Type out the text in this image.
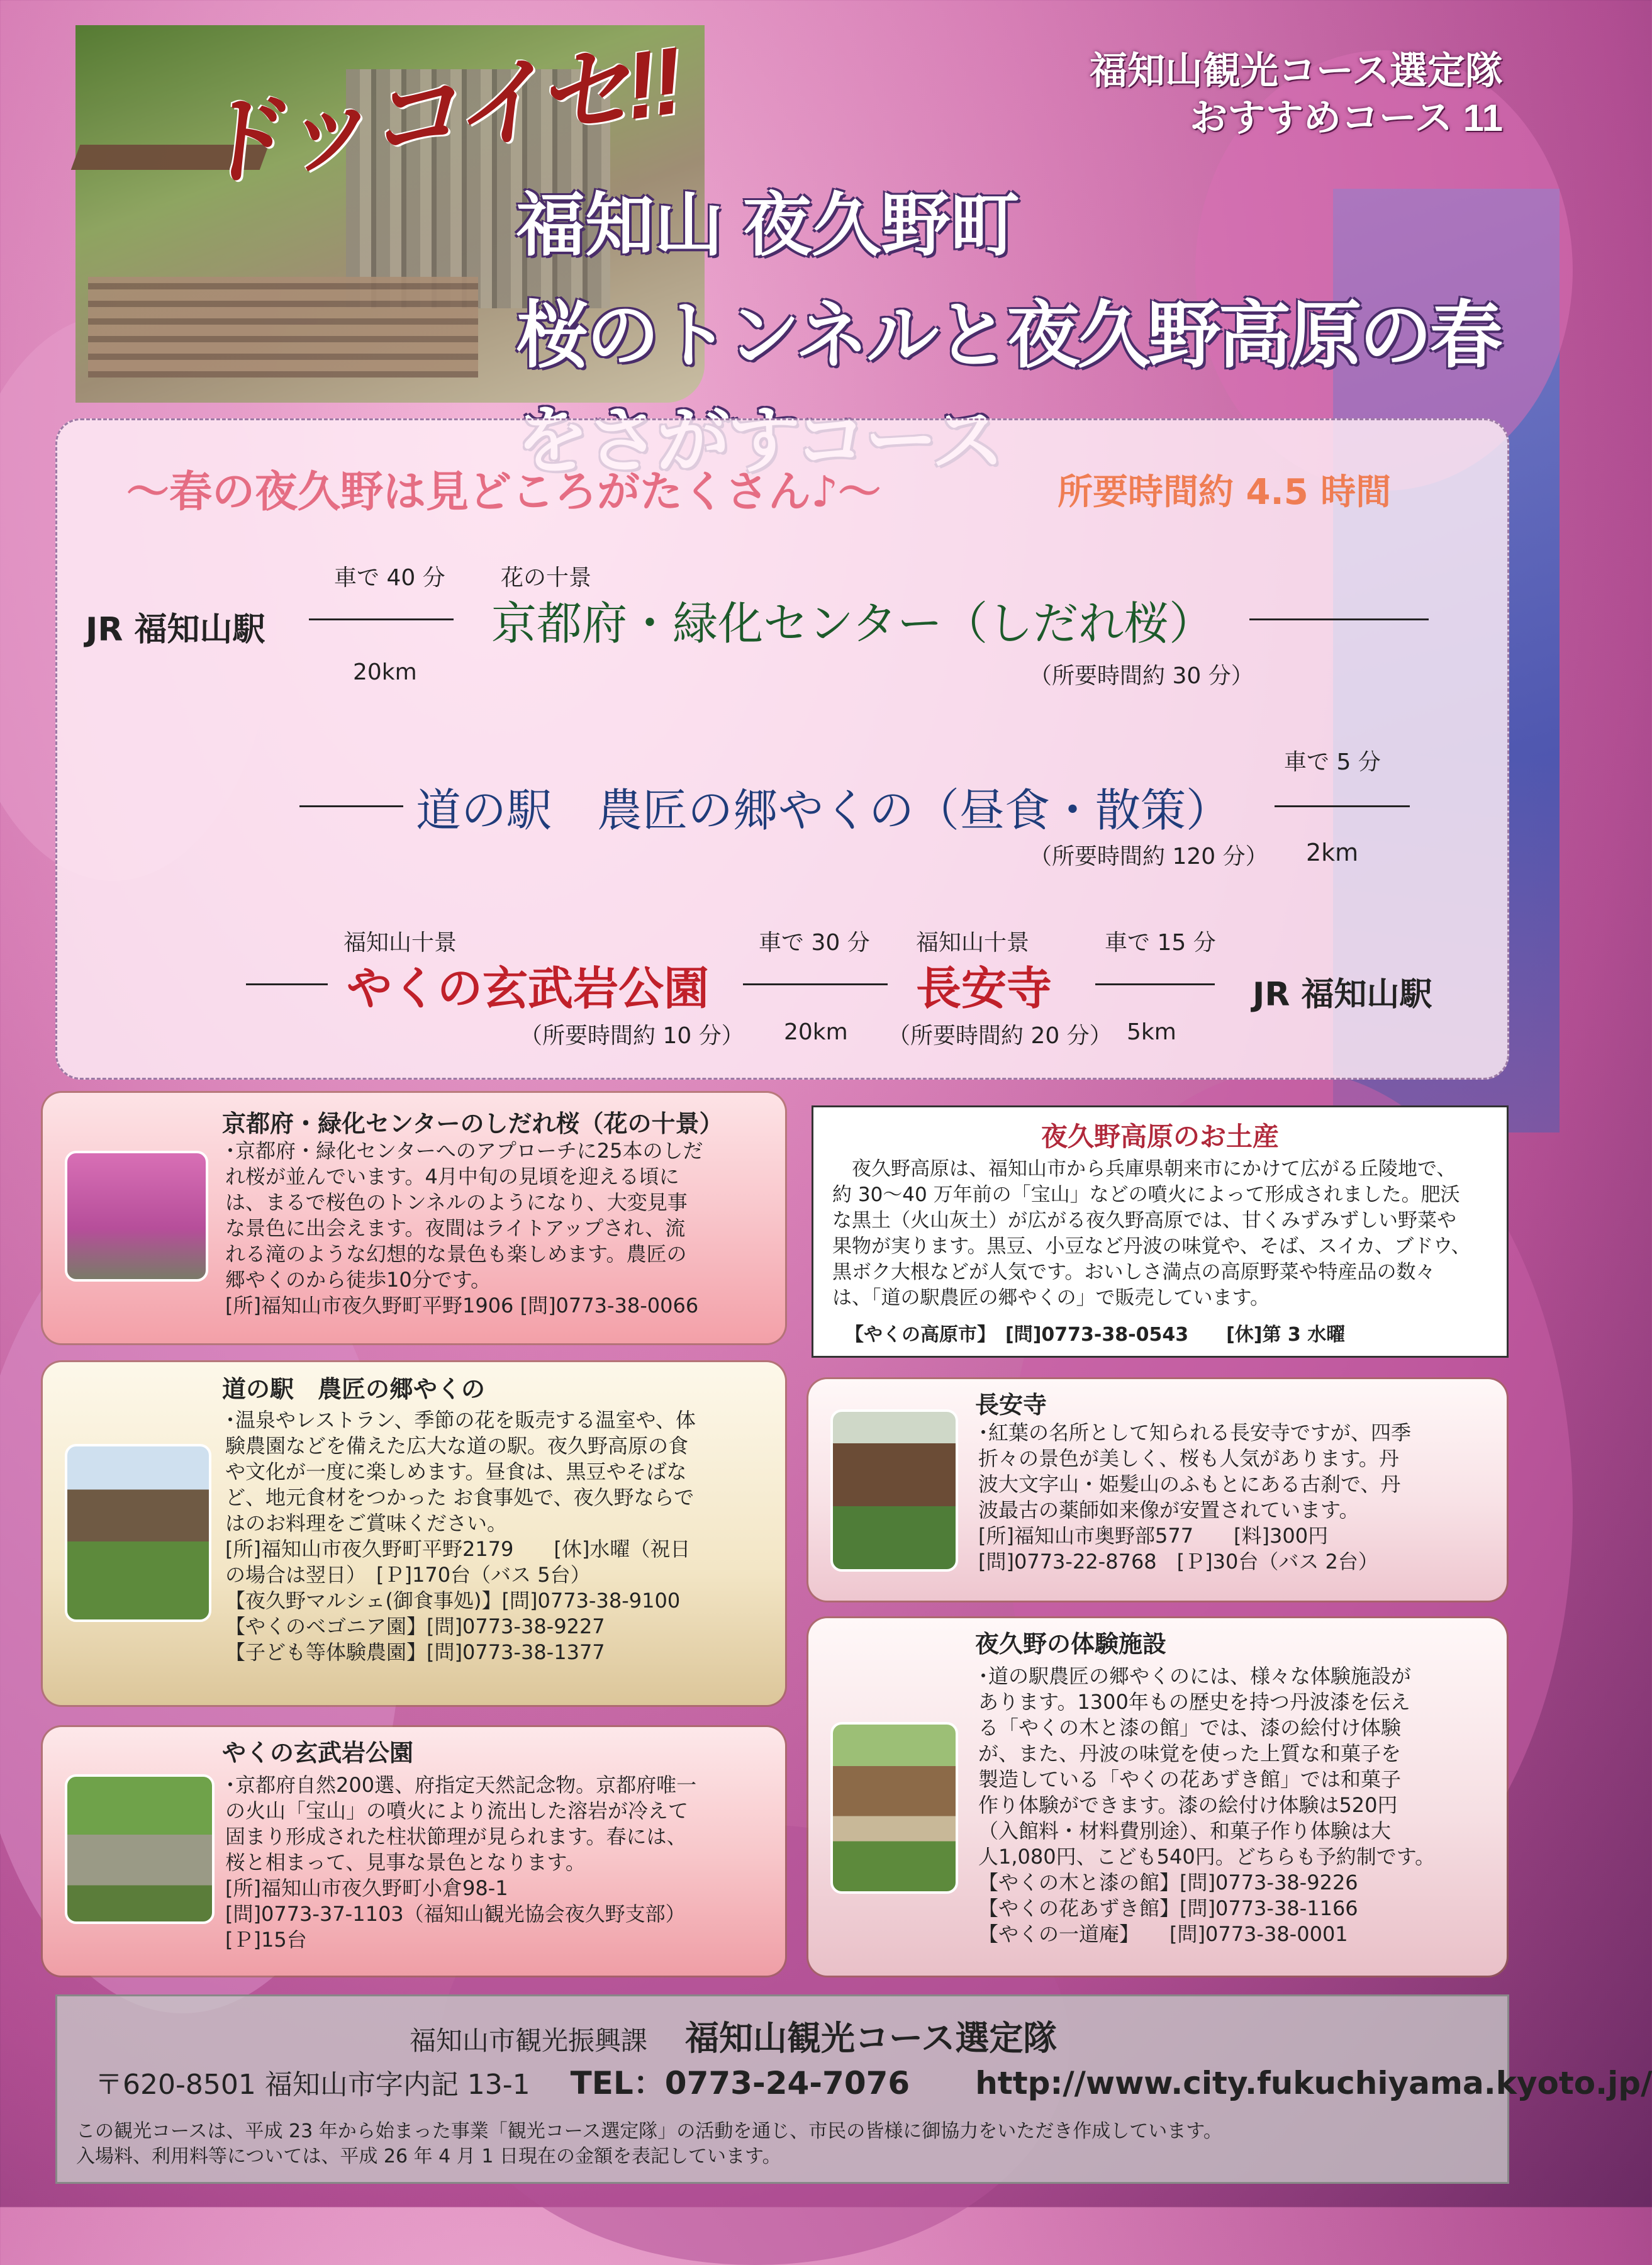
ドッコイセ!!	福知山観光コース選定隊
おすすめコース 11
福知山 夜久野町
桜のトンネルと夜久野高原の春
～春の夜久野は見どころがたくさん♪～	所要時間約 4.5 時間
JR 福知山駅
車で 40 分
20km
花の十景
京都府・緑化センター（しだれ桜）
（所要時間約 30 分）
道の駅　農匠の郷やくの（昼食・散策）
（所要時間約 120 分）
車で 5 分
2km
福知山十景
やくの玄武岩公園
（所要時間約 10 分）
車で 30 分
20km
福知山十景
長安寺
（所要時間約 20 分）
車で 15 分
5km
JR 福知山駅
京都府・緑化センターのしだれ桜（花の十景）
･京都府・緑化センターへのアプローチに25本のしだ
れ桜が並んでいます。4月中旬の見頃を迎える頃に
は、まるで桜色のトンネルのようになり、大変見事
な景色に出会えます。夜間はライトアップされ、流
れる滝のような幻想的な景色も楽しめます。農匠の
郷やくのから徒歩10分です。
[所]福知山市夜久野町平野1906 [問]0773-38-0066
道の駅　農匠の郷やくの
･温泉やレストラン、季節の花を販売する温室や、体
験農園などを備えた広大な道の駅。夜久野高原の食
や文化が一度に楽しめます。昼食は、黒豆やそばな
ど、地元食材をつかった お食事処で、夜久野ならで
はのお料理をご賞味ください。
[所]福知山市夜久野町平野2179　　[休]水曜（祝日
の場合は翌日）　[Ｐ]170台（バス 5台）
【夜久野マルシェ(御食事処)】[問]0773-38-9100
【やくのベゴニア園】[問]0773-38-9227
【子ども等体験農園】[問]0773-38-1377
やくの玄武岩公園
･京都府自然200選、府指定天然記念物。京都府唯一
の火山「宝山」の噴火により流出した溶岩が冷えて
固まり形成された柱状節理が見られます。春には、
桜と相まって、見事な景色となります。
[所]福知山市夜久野町小倉98-1
[問]0773-37-1103（福知山観光協会夜久野支部）
[Ｐ]15台
夜久野高原のお土産
　夜久野高原は、福知山市から兵庫県朝来市にかけて広がる丘陵地で、
約 30～40 万年前の「宝山」などの噴火によって形成されました。肥沃
な黒土（火山灰土）が広がる夜久野高原では、甘くみずみずしい野菜や
果物が実ります。黒豆、小豆など丹波の味覚や、そば、スイカ、ブドウ、
黒ボク大根などが人気です。おいしさ満点の高原野菜や特産品の数々
は、「道の駅農匠の郷やくの」で販売しています。
【やくの高原市】　[問]0773-38-0543　　[休]第 3 水曜
長安寺
･紅葉の名所として知られる長安寺ですが、四季
折々の景色が美しく、桜も人気があります。丹
波大文字山・姫髪山のふもとにある古刹で、丹
波最古の薬師如来像が安置されています。
[所]福知山市奥野部577　　[料]300円
[問]0773-22-8768　[Ｐ]30台（バス 2台）
夜久野の体験施設
･道の駅農匠の郷やくのには、様々な体験施設が
あります。1300年もの歴史を持つ丹波漆を伝え
る「やくの木と漆の館」では、漆の絵付け体験
が、また、丹波の味覚を使った上質な和菓子を
製造している「やくの花あずき館」では和菓子
作り体験ができます。漆の絵付け体験は520円
（入館料・材料費別途）、和菓子作り体験は大
人1,080円、こども540円。どちらも予約制です。
【やくの木と漆の館】[問]0773-38-9226
【やくの花あずき館】[問]0773-38-1166
【やくの一道庵】　　[問]0773-38-0001
福知山市観光振興課 福知山観光コース選定隊
〒620-8501 福知山市字内記 13-1 TEL：0773-24-7076 http://www.city.fukuchiyama.kyoto.jp/
この観光コースは、平成 23 年から始まった事業「観光コース選定隊」の活動を通じ、市民の皆様に御協力をいただき作成しています。
入場料、利用料等については、平成 26 年 4 月 1 日現在の金額を表記しています。
